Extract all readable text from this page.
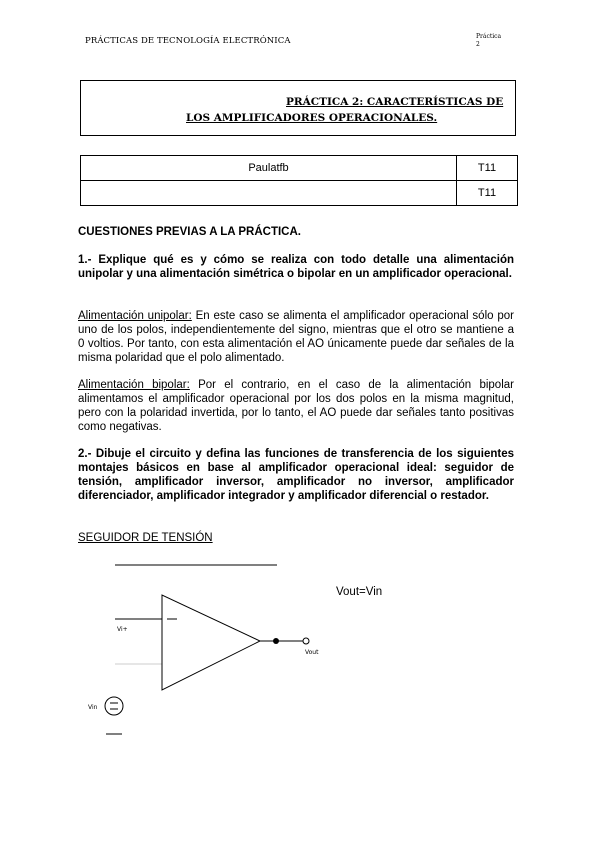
PRÁCTICAS DE TECNOLOGÍA ELECTRÓNICA	Práctica
2
PRÁCTICA 2: CARACTERÍSTICAS DE
LOS AMPLIFICADORES OPERACIONALES.
Paulatfb	T11
	T11
CUESTIONES PREVIAS A LA PRÁCTICA.
1.- Explique qué es y cómo se realiza con todo detalle una alimentación unipolar y una alimentación simétrica o bipolar en un amplificador operacional.
Alimentación unipolar: En este caso se alimenta el amplificador operacional sólo por uno de los polos, independientemente del signo, mientras que el otro se mantiene a 0 voltios. Por tanto, con esta alimentación el AO únicamente puede dar señales de la misma polaridad que el polo alimentado.
Alimentación bipolar: Por el contrario, en el caso de la alimentación bipolar alimentamos el amplificador operacional por los dos polos en la misma magnitud, pero con la polaridad invertida, por lo tanto, el AO puede dar señales tanto positivas como negativas.
2.- Dibuje el circuito y defina las funciones de transferencia de los siguientes montajes básicos en base al amplificador operacional ideal: seguidor de tensión, amplificador inversor, amplificador no inversor, amplificador diferenciador, amplificador integrador y amplificador diferencial o restador.
SEGUIDOR DE TENSIÓN
Vout=Vin
Vi+
Vout
Vin
